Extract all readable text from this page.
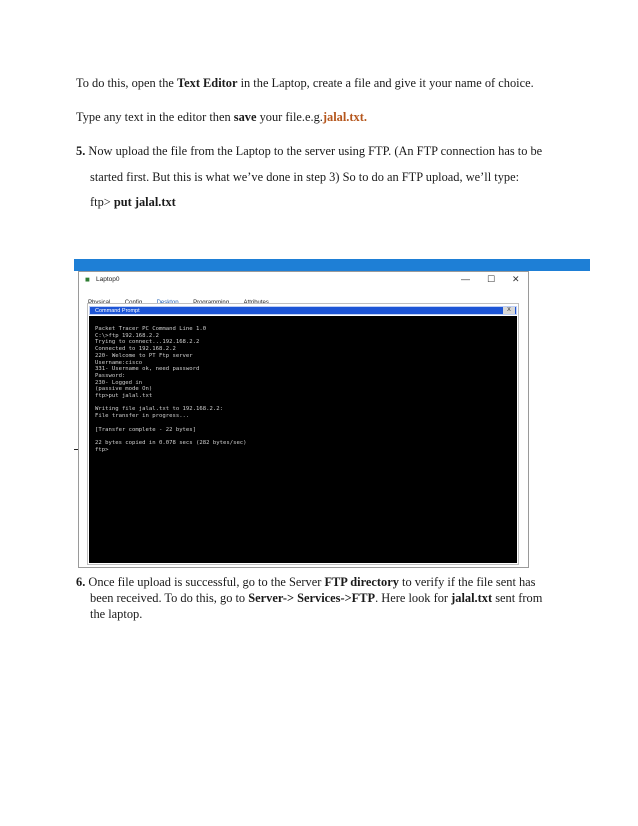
To do this, open the Text Editor in the Laptop, create a file and give it your name of choice.
Type any text in the editor then save your file.e.g.jalal.txt.
5. Now upload the file from the Laptop to the server using FTP. (An FTP connection has to be
started first. But this is what we’ve done in step 3) So to do an FTP upload, we’ll type:
ftp> put jalal.txt
■ Laptop0	— ☐ ✕

Command Prompt	X
Packet Tracer PC Command Line 1.0
C:\>ftp 192.168.2.2
Trying to connect...192.168.2.2
Connected to 192.168.2.2
220- Welcome to PT Ftp server
Username:cisco
331- Username ok, need password
Password:
230- Logged in
(passive mode On)
ftp>put jalal.txt

Writing file jalal.txt to 192.168.2.2:
File transfer in progress...

[Transfer complete - 22 bytes]

22 bytes copied in 0.078 secs (282 bytes/sec)
ftp>
6. Once file upload is successful, go to the Server FTP directory to verify if the file sent has
been received. To do this, go to Server-> Services->FTP. Here look for jalal.txt sent from
the laptop.
